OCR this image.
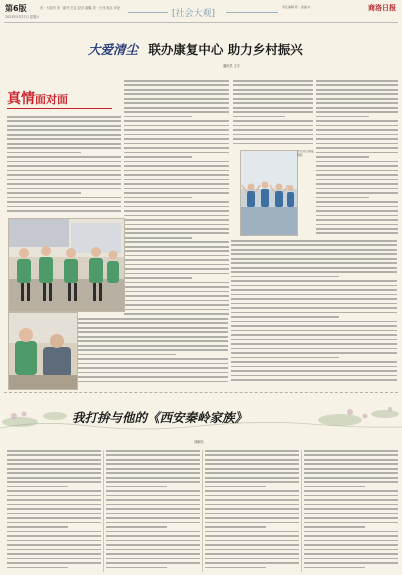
第6版
2023年5月27日 星期六
首 · 大周刊 首 · 副刊 关注 经济 融媒 首 · 大刊 视点 评论
[社会大观]
责任编辑 陈 · 美编 叶	商洛日报
大爱清尘 联办康复中心 助力乡村振兴
通讯员 王宇
真情面对面
学员进行康复锻炼
我打拚与他的《西安秦岭家族》
刘新民
